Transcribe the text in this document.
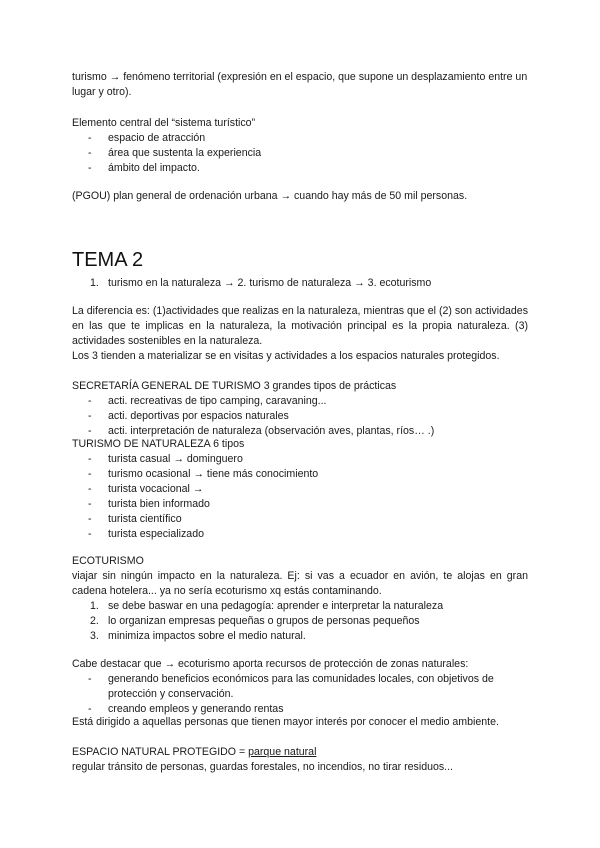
turismo → fenómeno territorial (expresión en el espacio, que supone un desplazamiento entre un lugar y otro).

Elemento central del “sistema turístico”

- espacio de atracción
- área que sustenta la experiencia
- ámbito del impacto.

(PGOU) plan general de ordenación urbana → cuando hay más de 50 mil personas.

TEMA 2
1. turismo en la naturaleza → 2. turismo de naturaleza → 3. ecoturismo

La diferencia es: (1)actividades que realizas en la naturaleza, mientras que el (2) son actividades en las que te implicas en la naturaleza, la motivación principal es la propia naturaleza. (3) actividades sostenibles en la naturaleza.

Los 3 tienden a materializar se en visitas y actividades a los espacios naturales protegidos.

SECRETARÍA GENERAL DE TURISMO 3 grandes tipos de prácticas

- acti. recreativas de tipo camping, caravaning...
- acti. deportivas por espacios naturales
- acti. interpretación de naturaleza (observación aves, plantas, ríos… .)

TURISMO DE NATURALEZA 6 tipos

- turista casual → dominguero
- turismo ocasional → tiene más conocimiento
- turista vocacional →
- turista bien informado
- turista científico
- turista especializado

ECOTURISMO

viajar sin ningún impacto en la naturaleza. Ej: si vas a ecuador en avión, te alojas en gran cadena hotelera... ya no sería ecoturismo xq estás contaminando.

1. se debe baswar en una pedagogía: aprender e interpretar la naturaleza
2. lo organizan empresas pequeñas o grupos de personas pequeños
3. minimiza impactos sobre el medio natural.

Cabe destacar que → ecoturismo aporta recursos de protección de zonas naturales:

- generando beneficios económicos para las comunidades locales, con objetivos de protección y conservación.
- creando empleos y generando rentas

Está dirigido a aquellas personas que tienen mayor interés por conocer el medio ambiente.

ESPACIO NATURAL PROTEGIDO = parque natural

regular tránsito de personas, guardas forestales, no incendios, no tirar residuos...
